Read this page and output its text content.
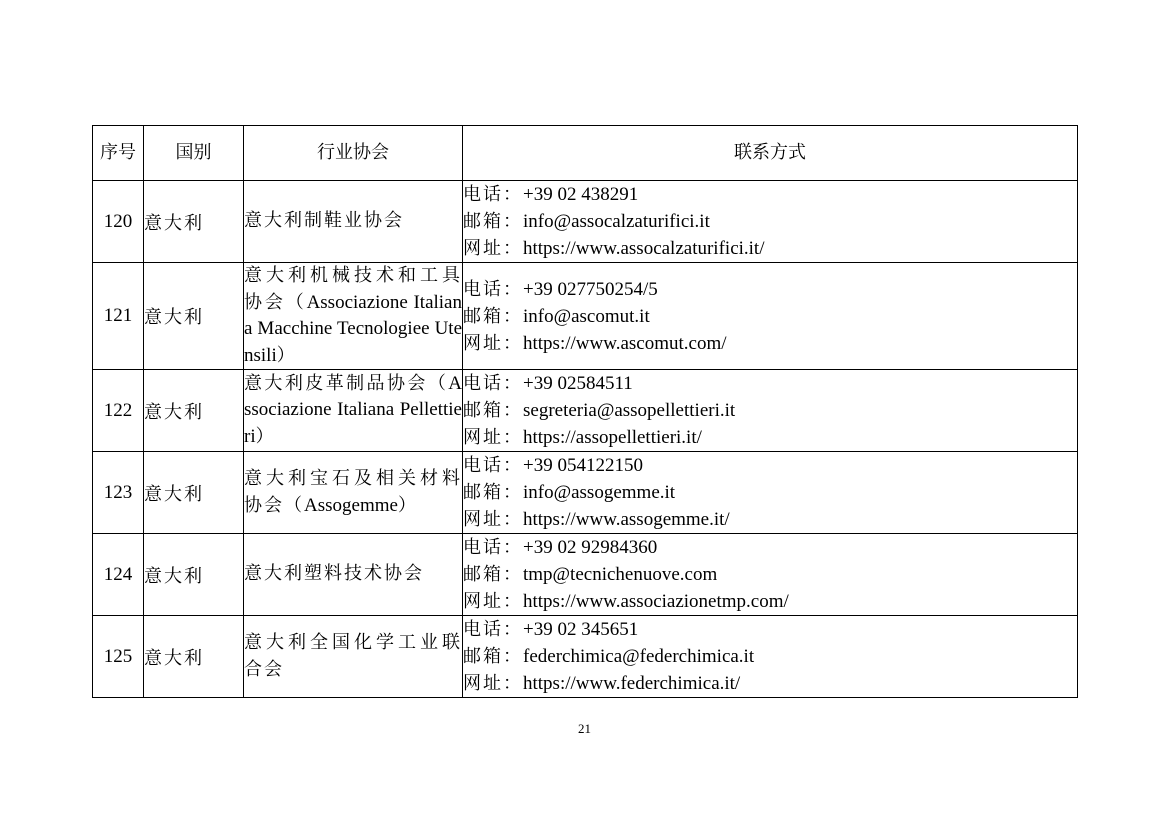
序号	国别	行业协会	联系方式
120	意大利	意大利制鞋业协会	电话：+39 02 438291
邮箱：info@assocalzaturifici.it
网址：https://www.assocalzaturifici.it/

121	意大利	意大利机械技术和工具协会（Associazione Italiana Macchine Tecnologiee Utensili）	电话：+39 027750254/5
邮箱：info@ascomut.it
网址：https://www.ascomut.com/

122	意大利	意大利皮革制品协会（Associazione Italiana Pellettieri）	电话：+39 02584511
邮箱：segreteria@assopellettieri.it
网址：https://assopellettieri.it/

123	意大利	意大利宝石及相关材料协会（Assogemme）	电话：+39 054122150
邮箱：info@assogemme.it
网址：https://www.assogemme.it/

124	意大利	意大利塑料技术协会	电话：+39 02 92984360
邮箱：tmp@tecnichenuove.com
网址：https://www.associazionetmp.com/

125	意大利	意大利全国化学工业联合会	电话：+39 02 345651
邮箱：federchimica@federchimica.it
网址：https://www.federchimica.it/
21
